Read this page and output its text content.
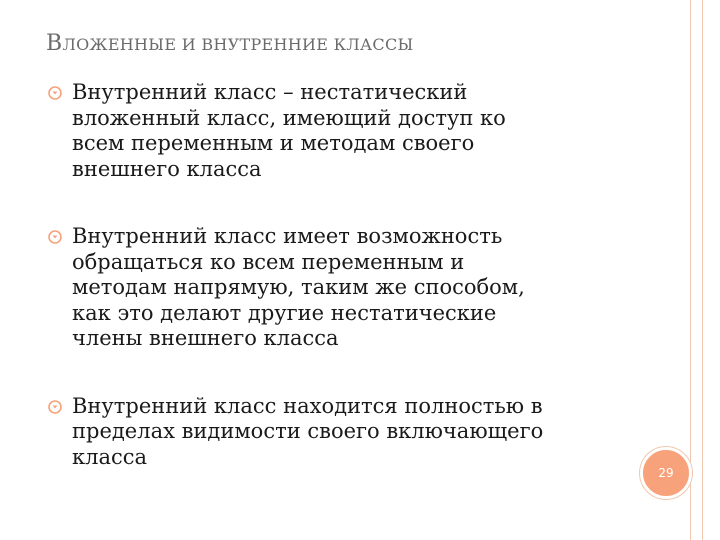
ВЛОЖЕННЫЕ И ВНУТРЕННИЕ КЛАССЫ
Внутренний класс – нестатический
вложенный класс, имеющий доступ ко
всем переменным и методам своего
внешнего класса
Внутренний класс имеет возможность
обращаться ко всем переменным и
методам напрямую, таким же способом,
как это делают другие нестатические
члены внешнего класса
Внутренний класс находится полностью в
пределах видимости своего включающего
класса
29
